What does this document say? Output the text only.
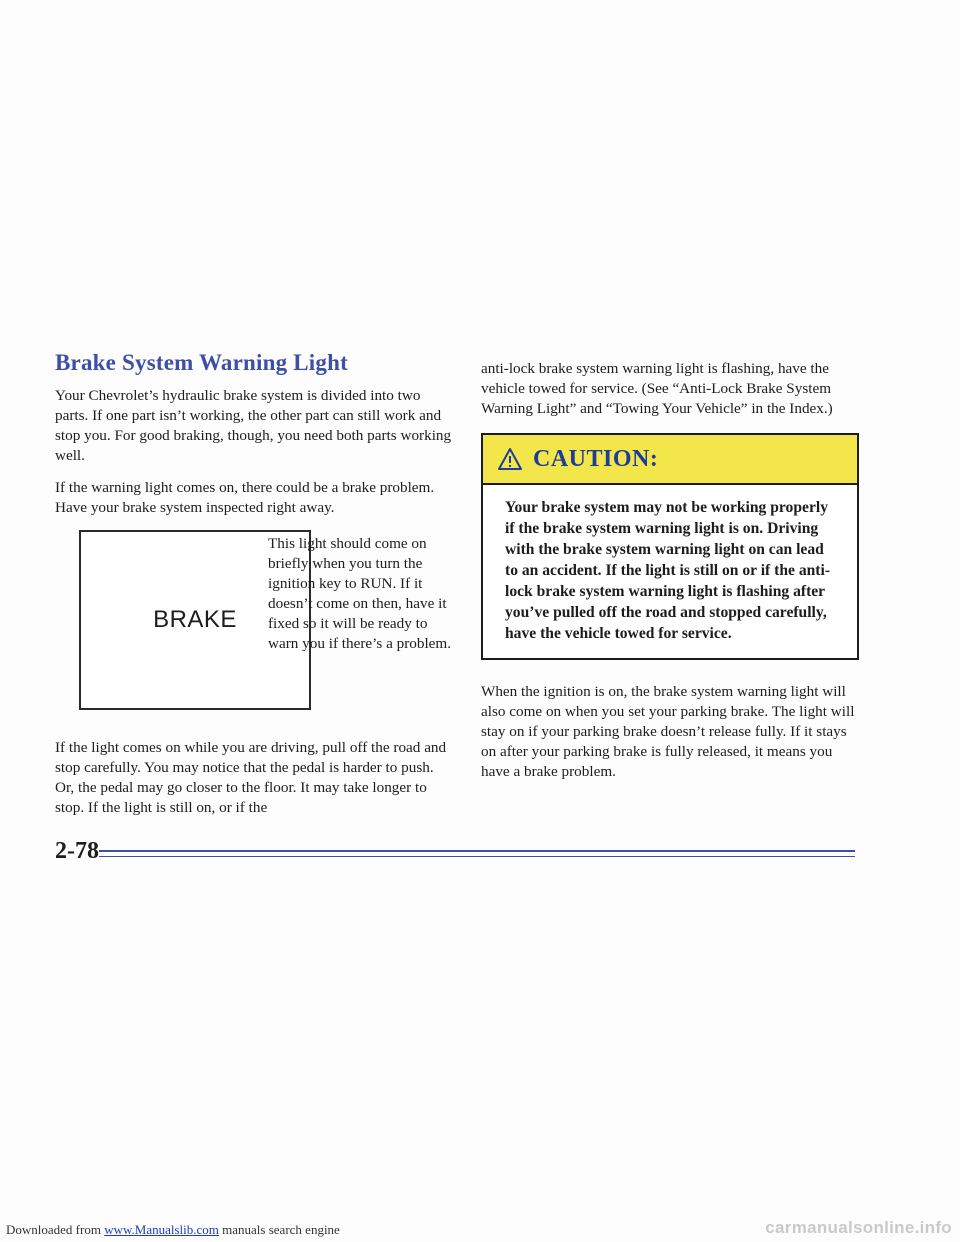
Brake System Warning Light

Your Chevrolet’s hydraulic brake system is divided into two parts. If one part isn’t working, the other part can still work and stop you. For good braking, though, you need both parts working well.

If the warning light comes on, there could be a brake problem. Have your brake system inspected right away.

BRAKE

This light should come on briefly when you turn the ignition key to RUN. If it doesn’t come on then, have it fixed so it will be ready to warn you if there’s a problem.

If the light comes on while you are driving, pull off the road and stop carefully. You may notice that the pedal is harder to push. Or, the pedal may go closer to the floor. It may take longer to stop. If the light is still on, or if the

anti-lock brake system warning light is flashing, have the vehicle towed for service. (See “Anti-Lock Brake System Warning Light” and “Towing Your Vehicle” in the Index.)

CAUTION:

Your brake system may not be working properly if the brake system warning light is on. Driving with the brake system warning light on can lead to an accident. If the light is still on or if the anti-lock brake system warning light is flashing after you’ve pulled off the road and stopped carefully, have the vehicle towed for service.

When the ignition is on, the brake system warning light will also come on when you set your parking brake. The light will stay on if your parking brake doesn’t release fully. If it stays on after your parking brake is fully released, it means you have a brake problem.

2-78
Downloaded from www.Manualslib.com manuals search engine	carmanualsonline.info
